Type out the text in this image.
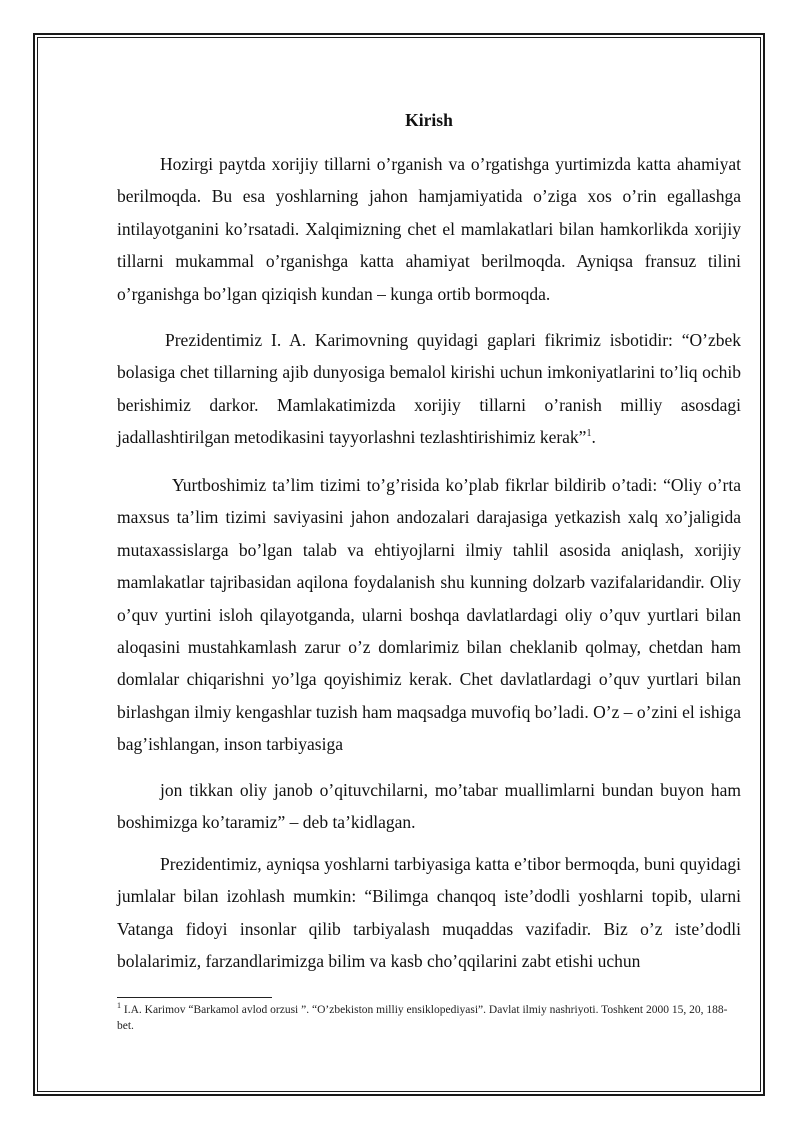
Kirish

Hozirgi paytda xorijiy tillarni o’rganish va o’rgatishga yurtimizda katta ahamiyat berilmoqda. Bu esa yoshlarning jahon hamjamiyatida o’ziga xos o’rin egallashga intilayotganini ko’rsatadi. Xalqimizning chet el mamlakatlari bilan hamkorlikda xorijiy tillarni mukammal o’rganishga katta ahamiyat berilmoqda. Ayniqsa fransuz tilini o’rganishga bo’lgan qiziqish kundan – kunga ortib bormoqda.

Prezidentimiz I. A. Karimovning quyidagi gaplari fikrimiz isbotidir: “O’zbek bolasiga chet tillarning ajib dunyosiga bemalol kirishi uchun imkoniyatlarini to’liq ochib berishimiz darkor. Mamlakatimizda xorijiy tillarni o’ranish milliy asosdagi jadallashtirilgan metodikasini tayyorlashni tezlashtirishimiz kerak”$^1$.

Yurtboshimiz ta’lim tizimi to’g’risida ko’plab fikrlar bildirib o’tadi: “Oliy o’rta maxsus ta’lim tizimi saviyasini jahon andozalari darajasiga yetkazish xalq xo’jaligida mutaxassislarga bo’lgan talab va ehtiyojlarni ilmiy tahlil asosida aniqlash, xorijiy mamlakatlar tajribasidan aqilona foydalanish shu kunning dolzarb vazifalaridandir. Oliy o’quv yurtini isloh qilayotganda, ularni boshqa davlatlardagi oliy o’quv yurtlari bilan aloqasini mustahkamlash zarur o’z domlarimiz bilan cheklanib qolmay, chetdan ham domlalar chiqarishni yo’lga qoyishimiz kerak. Chet davlatlardagi o’quv yurtlari bilan birlashgan ilmiy kengashlar tuzish ham maqsadga muvofiq bo’ladi. O’z – o’zini el ishiga bag’ishlangan, inson tarbiyasiga

jon tikkan oliy janob o’qituvchilarni, mo’tabar muallimlarni bundan buyon ham boshimizga ko’taramiz” – deb ta’kidlagan.

Prezidentimiz, ayniqsa yoshlarni tarbiyasiga katta e’tibor bermoqda, buni quyidagi jumlalar bilan izohlash mumkin: “Bilimga chanqoq iste’dodli yoshlarni topib, ularni Vatanga fidoyi insonlar qilib tarbiyalash muqaddas vazifadir. Biz o’z iste’dodli bolalarimiz, farzandlarimizga bilim va kasb cho’qqilarini zabt etishi uchun

$^1$ I.A. Karimov “Barkamol avlod orzusi ”. “O’zbekiston milliy ensiklopediyasi”. Davlat ilmiy nashriyoti. Toshkent 2000 15, 20, 188-bet.
